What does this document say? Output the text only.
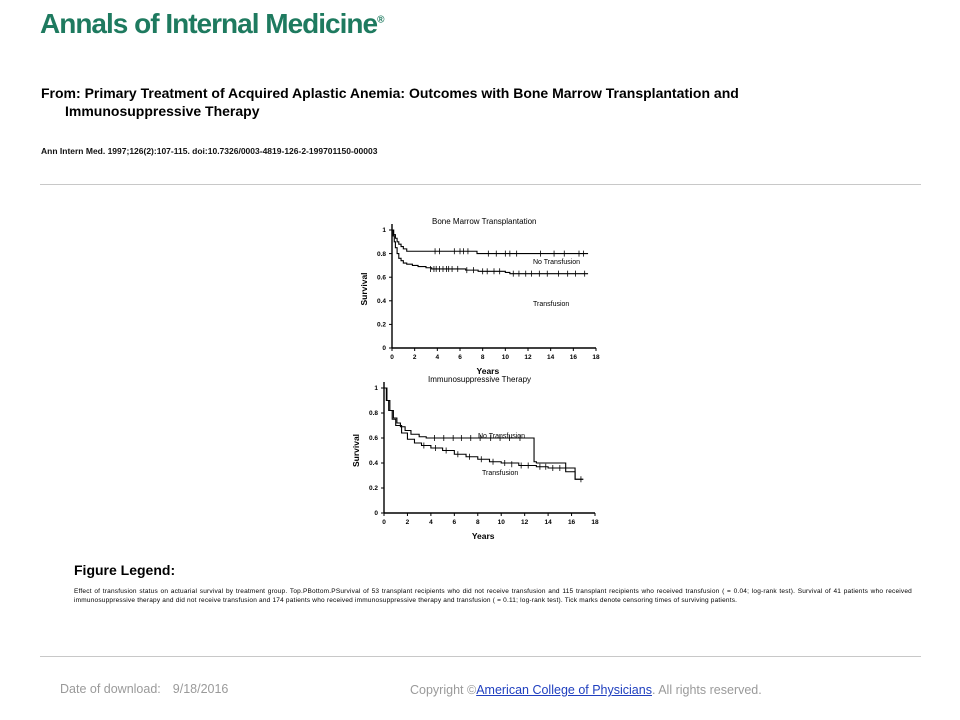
Annals of Internal Medicine®
From: Primary Treatment of Acquired Aplastic Anemia: Outcomes with Bone Marrow Transplantation and
Immunosuppressive Therapy
Ann Intern Med. 1997;126(2):107-115. doi:10.7326/0003-4819-126-2-199701150-00003
0	2	4	6	8	10 12 14 16 18
0
0.2
0.4
0.6
0.8
1
Years
Survival
Bone Marrow Transplantation
No Transfusion
Transfusion
0	2	4	6	8	10 12 14 16 18
0
0.2
0.4
0.6
0.8
1
Years
Survival
Immunosuppressive Therapy
No Transfusion
Transfusion
Figure Legend:
Effect of transfusion status on actuarial survival by treatment group. Top.PBottom.PSurvival of 53 transplant recipients who did not receive transfusion and 115 transplant recipients who received transfusion ( = 0.04; log-rank test). Survival of 41 patients who received immunosuppressive therapy and did not receive transfusion and 174 patients who received immunosuppressive therapy and transfusion ( = 0.11; log-rank test). Tick marks denote censoring times of surviving patients.
Date of download: 9/18/2016	Copyright ©American College of Physicians. All rights reserved.
